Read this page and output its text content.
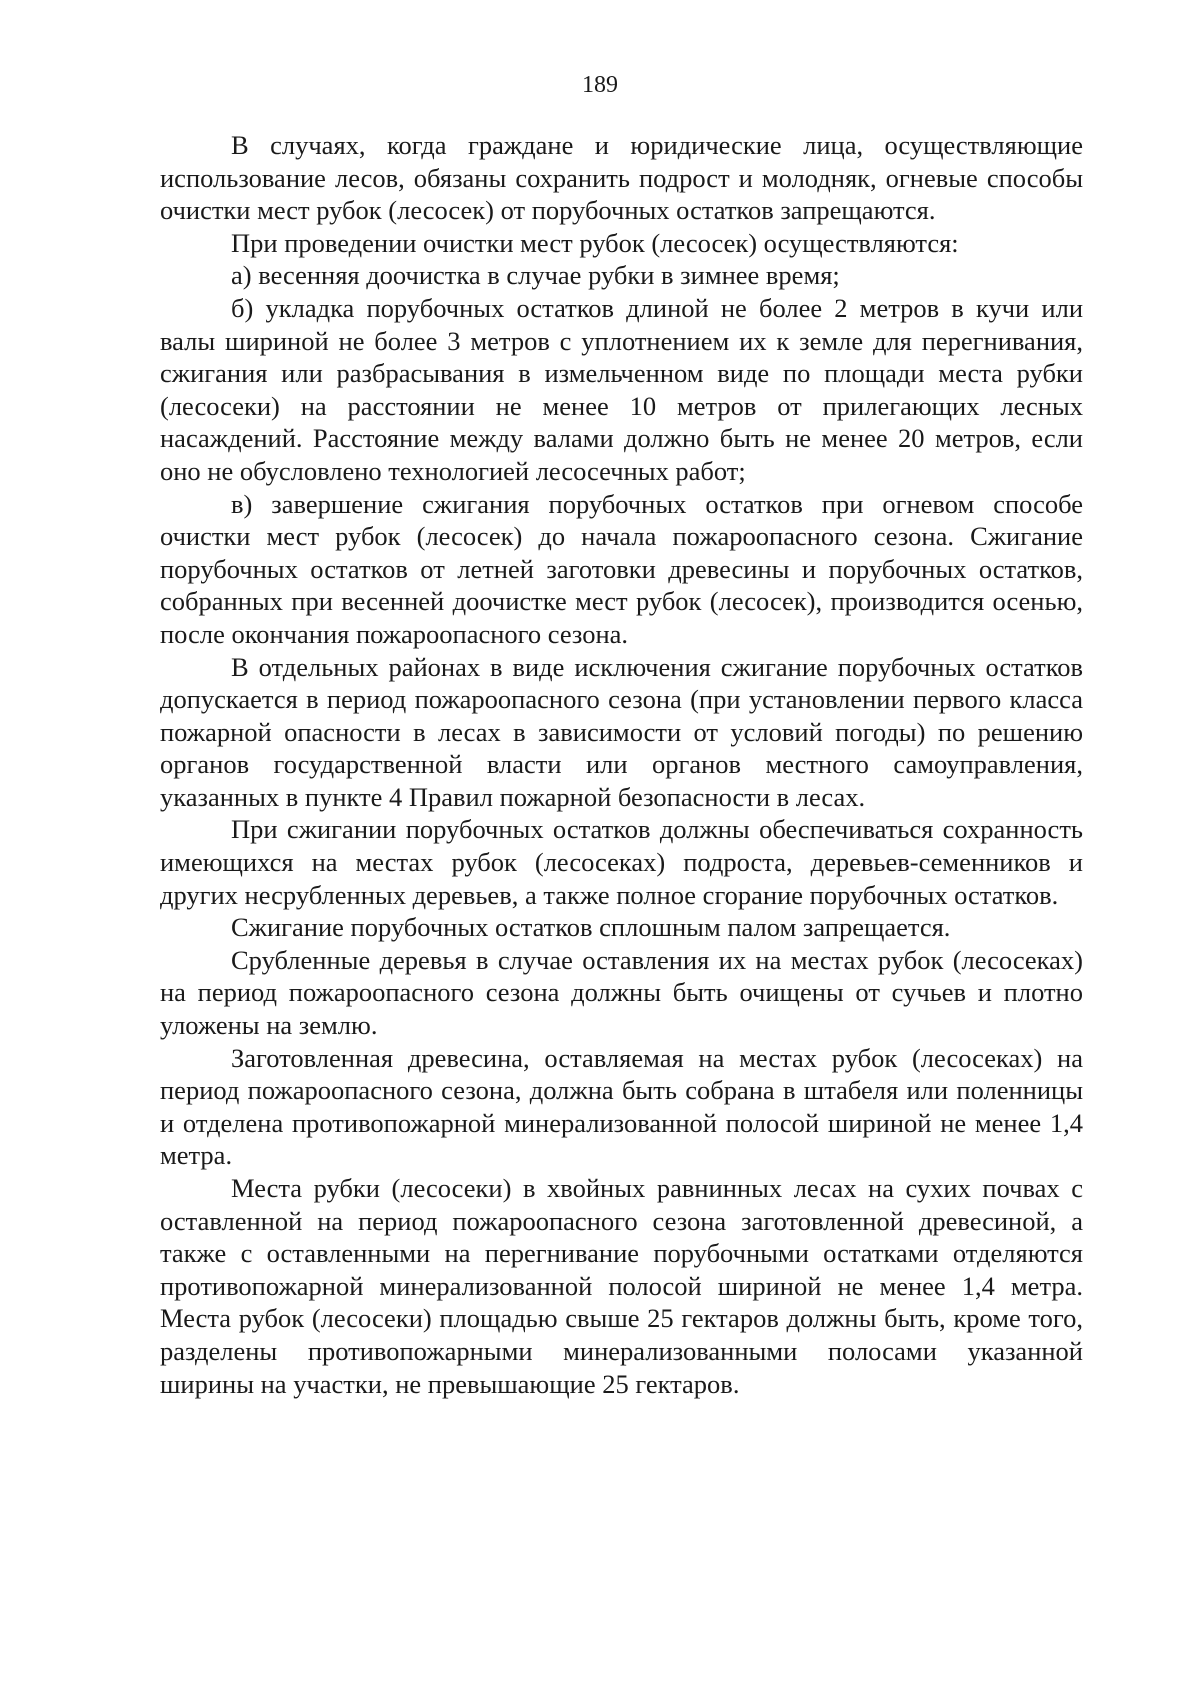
189

В случаях, когда граждане и юридические лица, осуществляющие использование лесов, обязаны сохранить подрост и молодняк, огневые способы очистки мест рубок (лесосек) от порубочных остатков запрещаются.

При проведении очистки мест рубок (лесосек) осуществляются:

а) весенняя доочистка в случае рубки в зимнее время;

б) укладка порубочных остатков длиной не более 2 метров в кучи или валы шириной не более 3 метров с уплотнением их к земле для перегнивания, сжигания или разбрасывания в измельченном виде по площади места рубки (лесосеки) на расстоянии не менее 10 метров от прилегающих лесных насаждений. Расстояние между валами должно быть не менее 20 метров, если оно не обусловлено технологией лесосечных работ;

в) завершение сжигания порубочных остатков при огневом способе очистки мест рубок (лесосек) до начала пожароопасного сезона. Сжигание порубочных остатков от летней заготовки древесины и порубочных остатков, собранных при весенней доочистке мест рубок (лесосек), производится осенью, после окончания пожароопасного сезона.

В отдельных районах в виде исключения сжигание порубочных остатков допускается в период пожароопасного сезона (при установлении первого класса пожарной опасности в лесах в зависимости от условий погоды) по решению органов государственной власти или органов местного самоуправления, указанных в пункте 4 Правил пожарной безопасности в лесах.

При сжигании порубочных остатков должны обеспечиваться сохранность имеющихся на местах рубок (лесосеках) подроста, деревьев-семенников и других несрубленных деревьев, а также полное сгорание порубочных остатков.

Сжигание порубочных остатков сплошным палом запрещается.

Срубленные деревья в случае оставления их на местах рубок (лесосеках) на период пожароопасного сезона должны быть очищены от сучьев и плотно уложены на землю.

Заготовленная древесина, оставляемая на местах рубок (лесосеках) на период пожароопасного сезона, должна быть собрана в штабеля или поленницы и отделена противопожарной минерализованной полосой шириной не менее 1,4 метра.

Места рубки (лесосеки) в хвойных равнинных лесах на сухих почвах с оставленной на период пожароопасного сезона заготовленной древесиной, а также с оставленными на перегнивание порубочными остатками отделяются противопожарной минерализованной полосой шириной не менее 1,4 метра. Места рубок (лесосеки) площадью свыше 25 гектаров должны быть, кроме того, разделены противопожарными минерализованными полосами указанной ширины на участки, не превышающие 25 гектаров.
